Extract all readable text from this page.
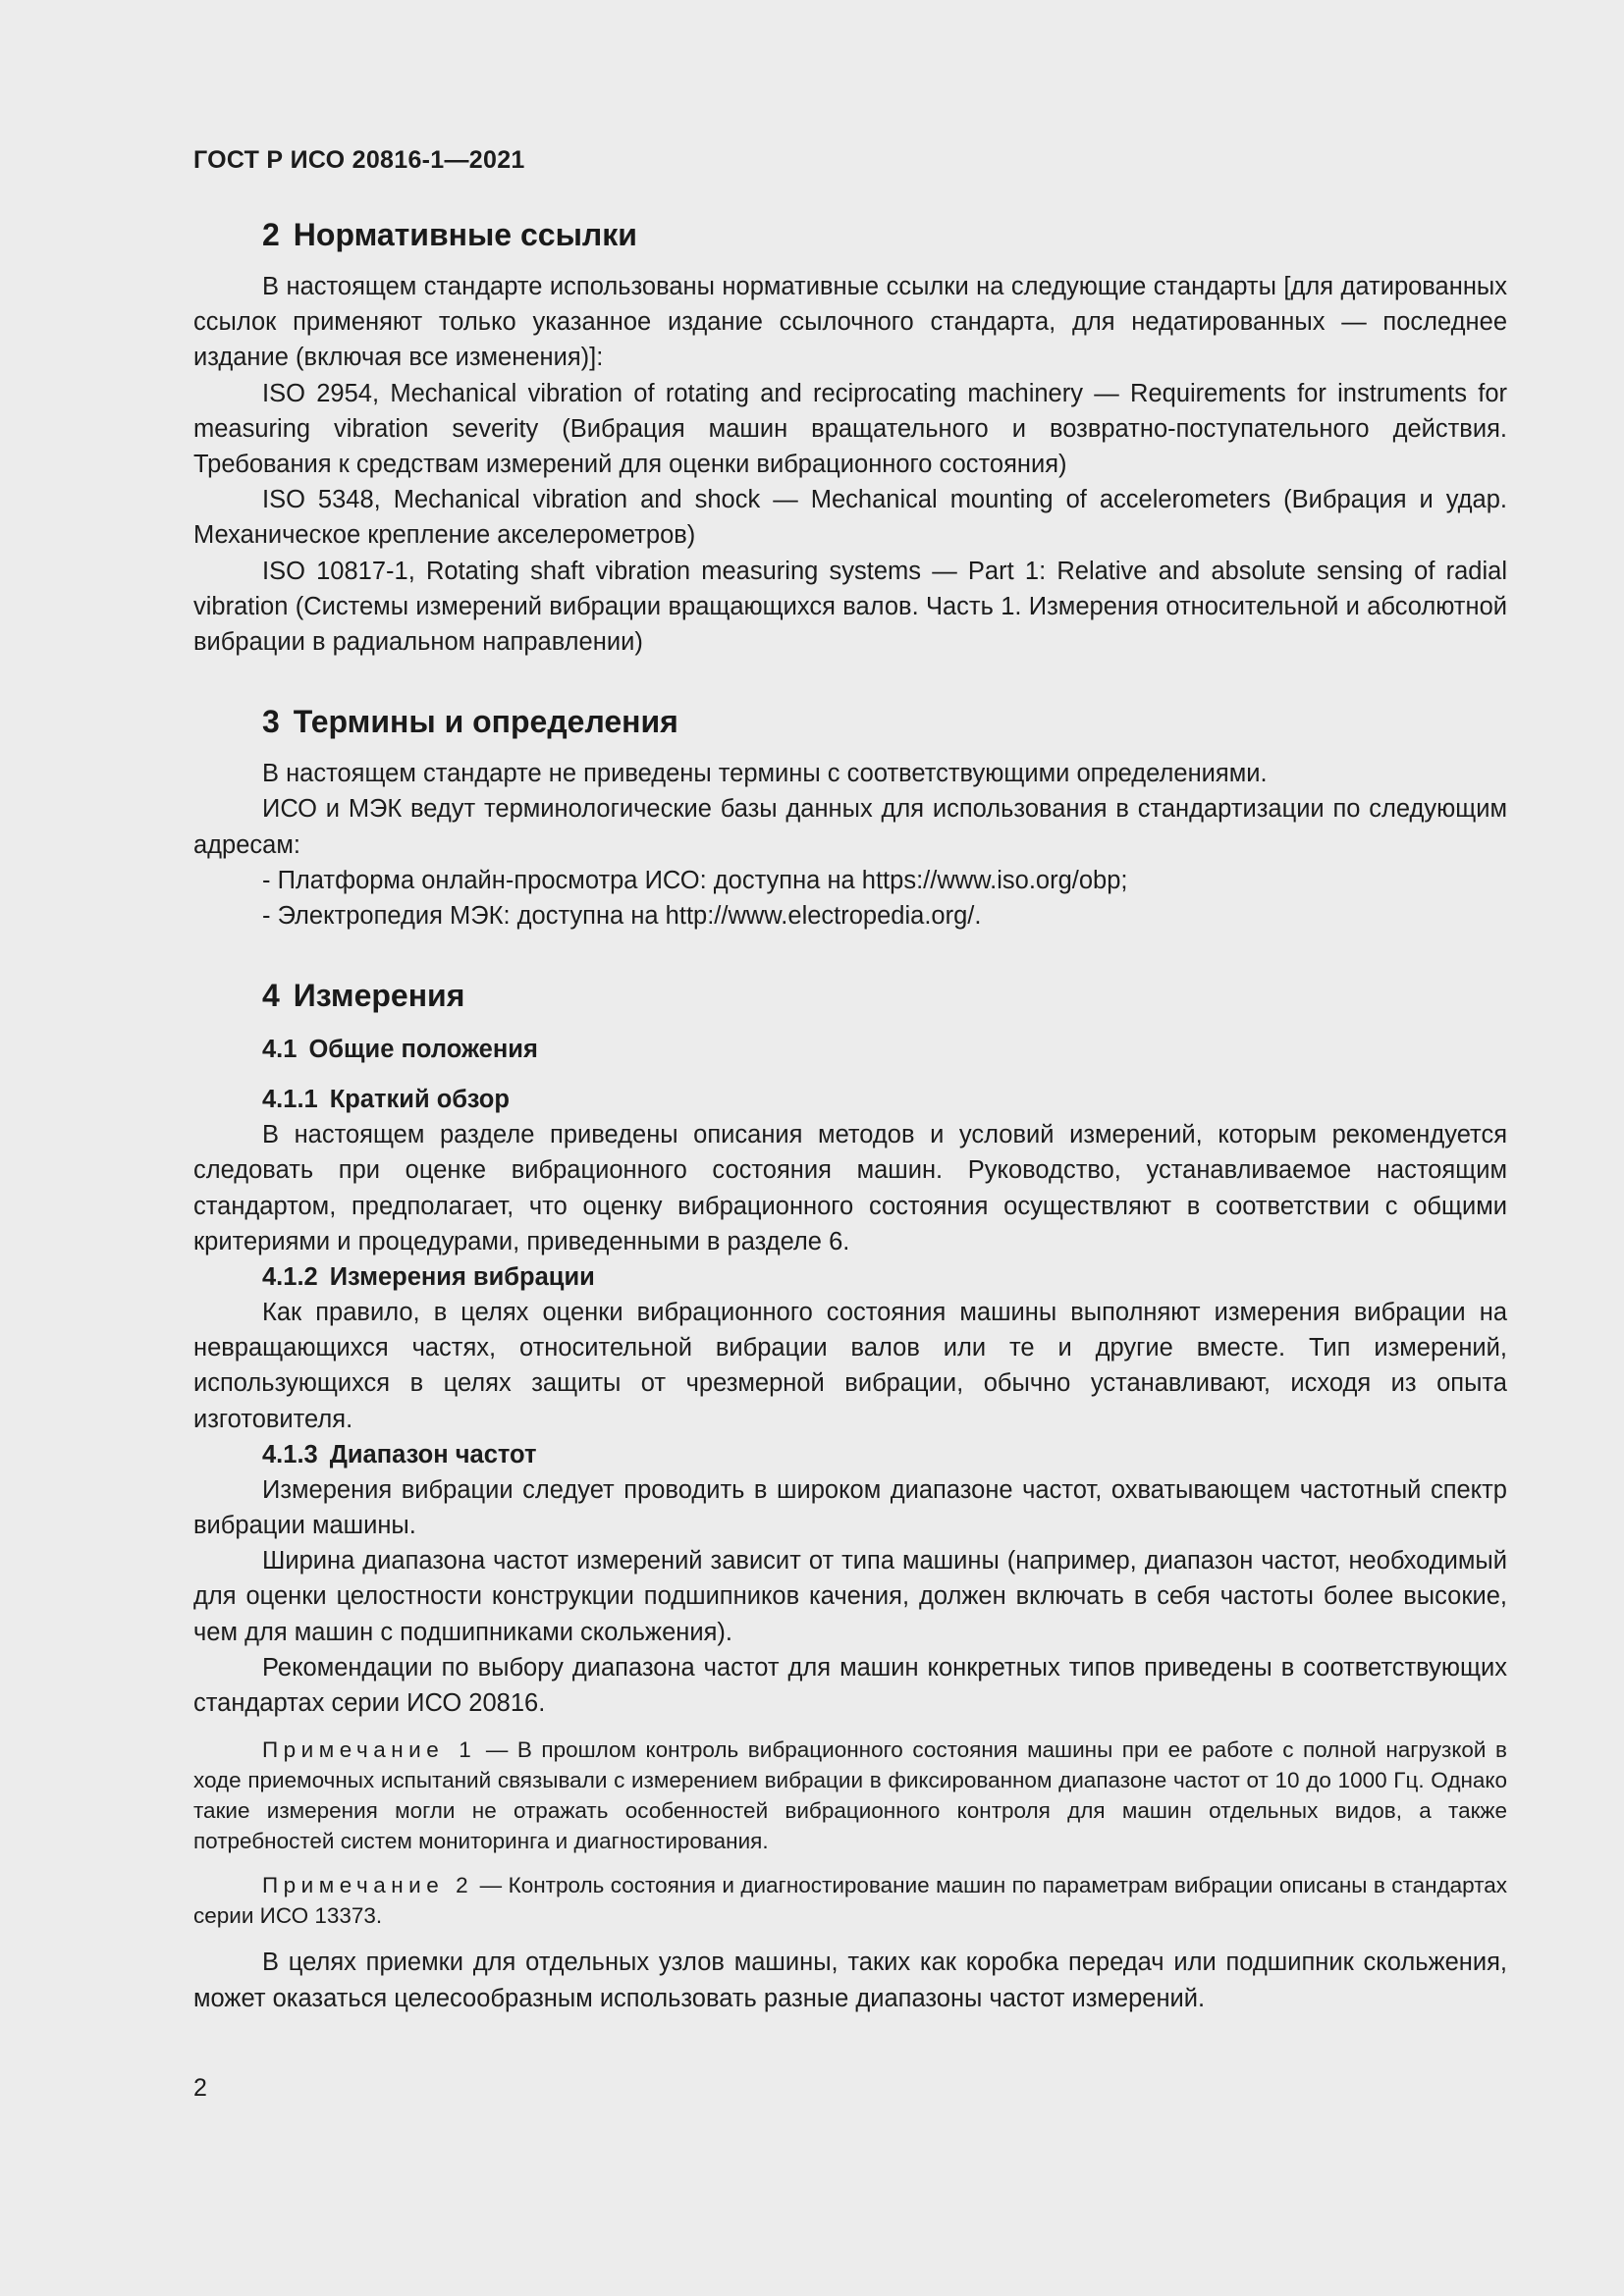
ГОСТ Р ИСО 20816-1—2021
2 Нормативные ссылки

В настоящем стандарте использованы нормативные ссылки на следующие стандарты [для датированных ссылок применяют только указанное издание ссылочного стандарта, для недатированных — последнее издание (включая все изменения)]:

ISO 2954, Mechanical vibration of rotating and reciprocating machinery — Requirements for instruments for measuring vibration severity (Вибрация машин вращательного и возвратно-поступательного действия. Требования к средствам измерений для оценки вибрационного состояния)

ISO 5348, Mechanical vibration and shock — Mechanical mounting of accelerometers (Вибрация и удар. Механическое крепление акселерометров)

ISO 10817-1, Rotating shaft vibration measuring systems — Part 1: Relative and absolute sensing of radial vibration (Системы измерений вибрации вращающихся валов. Часть 1. Измерения относительной и абсолютной вибрации в радиальном направлении)

3 Термины и определения

В настоящем стандарте не приведены термины с соответствующими определениями.

ИСО и МЭК ведут терминологические базы данных для использования в стандартизации по следующим адресам:

- Платформа онлайн-просмотра ИСО: доступна на https://www.iso.org/obp;

- Электропедия МЭК: доступна на http://www.electropedia.org/.

4 Измерения
4.1 Общие положения
4.1.1 Краткий обзор

В настоящем разделе приведены описания методов и условий измерений, которым рекомендуется следовать при оценке вибрационного состояния машин. Руководство, устанавливаемое настоящим стандартом, предполагает, что оценку вибрационного состояния осуществляют в соответствии с общими критериями и процедурами, приведенными в разделе 6.

4.1.2 Измерения вибрации

Как правило, в целях оценки вибрационного состояния машины выполняют измерения вибрации на невращающихся частях, относительной вибрации валов или те и другие вместе. Тип измерений, использующихся в целях защиты от чрезмерной вибрации, обычно устанавливают, исходя из опыта изготовителя.

4.1.3 Диапазон частот

Измерения вибрации следует проводить в широком диапазоне частот, охватывающем частотный спектр вибрации машины.

Ширина диапазона частот измерений зависит от типа машины (например, диапазон частот, необходимый для оценки целостности конструкции подшипников качения, должен включать в себя частоты более высокие, чем для машин с подшипниками скольжения).

Рекомендации по выбору диапазона частот для машин конкретных типов приведены в соответствующих стандартах серии ИСО 20816.

Примечание 1 — В прошлом контроль вибрационного состояния машины при ее работе с полной нагрузкой в ходе приемочных испытаний связывали с измерением вибрации в фиксированном диапазоне частот от 10 до 1000 Гц. Однако такие измерения могли не отражать особенностей вибрационного контроля для машин отдельных видов, а также потребностей систем мониторинга и диагностирования.

Примечание 2 — Контроль состояния и диагностирование машин по параметрам вибрации описаны в стандартах серии ИСО 13373.

В целях приемки для отдельных узлов машины, таких как коробка передач или подшипник скольжения, может оказаться целесообразным использовать разные диапазоны частот измерений.

2
